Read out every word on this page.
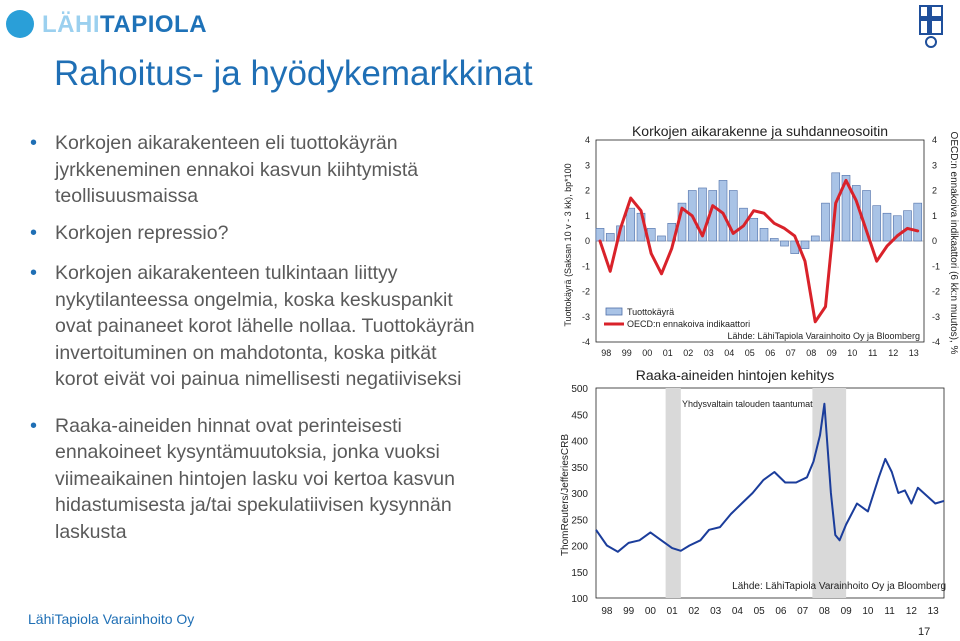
LÄHITAPIOLA
Rahoitus- ja hyödykemarkkinat
• Korkojen aikarakenteen eli tuottokäyrän jyrkkeneminen ennakoi kasvun kiihtymistä teollisuusmaissa
• Korkojen repressio?
• Korkojen aikarakenteen tulkintaan liittyy nykytilanteessa ongelmia, koska keskuspankit ovat painaneet korot lähelle nollaa. Tuottokäyrän invertoituminen on mahdotonta, koska pitkät korot eivät voi painua nimellisesti negatiiviseksi
• Raaka-aineiden hinnat ovat perinteisesti ennakoineet kysyntämuutoksia, jonka vuoksi viimeaikainen hintojen lasku voi kertoa kasvun hidastumisesta ja/tai spekulatiivisen kysynnän laskusta
LähiTapiola Varainhoito Oy
17
4
3
2
1
0
-1
-2
-3
-4
4
3
2
1
0
-1
-2
-3
-4
98 99 00 01 02 03 04 05 06 07 08 09 10 11 12 13
Korkojen aikarakenne ja suhdanneosoitin
Tuottokäyrä (Saksan 10 v - 3 kk), bp*100	OECD:n ennakoiva indikaattori (6 kk:n muutos), %
Tuottokäyrä
OECD:n ennakoiva indikaattori
Lähde: LähiTapiola Varainhoito Oy ja Bloomberg
500
450
400
350
300
250
200
150
100
98 99 00 01 02 03 04 05 06 07 08 09 10 11 12 13
Raaka-aineiden hintojen kehitys
ThomReuters/JefferiesCRB
Yhdysvaltain talouden taantumat
Lähde: LähiTapiola Varainhoito Oy ja Bloomberg
